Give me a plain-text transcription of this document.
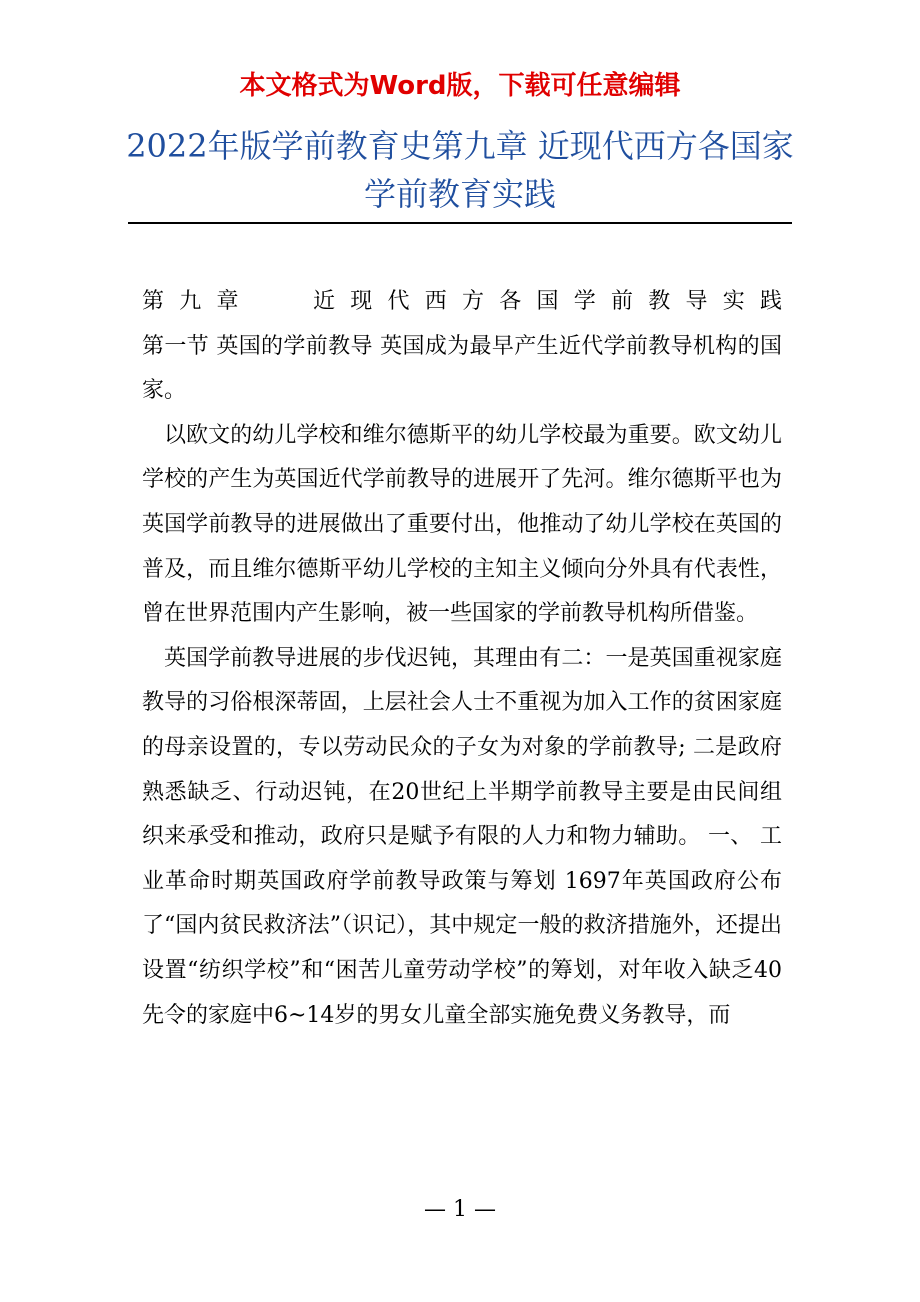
本文格式为Word版，下载可任意编辑

2022年版学前教育史第九章 近现代西方各国家学前教育实践
第 九 章	近 现 代 西 方 各 国 学 前 教 导 实 践

第一节 英国的学前教导 英国成为最早产生近代学前教导机构的国家。

以欧文的幼儿学校和维尔德斯平的幼儿学校最为重要。欧文幼儿学校的产生为英国近代学前教导的进展开了先河。维尔德斯平也为英国学前教导的进展做出了重要付出，他推动了幼儿学校在英国的普及，而且维尔德斯平幼儿学校的主知主义倾向分外具有代表性，曾在世界范围内产生影响，被一些国家的学前教导机构所借鉴。

英国学前教导进展的步伐迟钝，其理由有二：一是英国重视家庭教导的习俗根深蒂固，上层社会人士不重视为加入工作的贫困家庭的母亲设置的，专以劳动民众的子女为对象的学前教导; 二是政府熟悉缺乏、行动迟钝，在20世纪上半期学前教导主要是由民间组织来承受和推动，政府只是赋予有限的人力和物力辅助。 一、 工业革命时期英国政府学前教导政策与筹划 1697年英国政府公布了“国内贫民救济法”（识记），其中规定一般的救济措施外，还提出设置“纺织学校”和“困苦儿童劳动学校”的筹划，对年收入缺乏40先令的家庭中6~14岁的男女儿童全部实施免费义务教导，而

— 1 —
